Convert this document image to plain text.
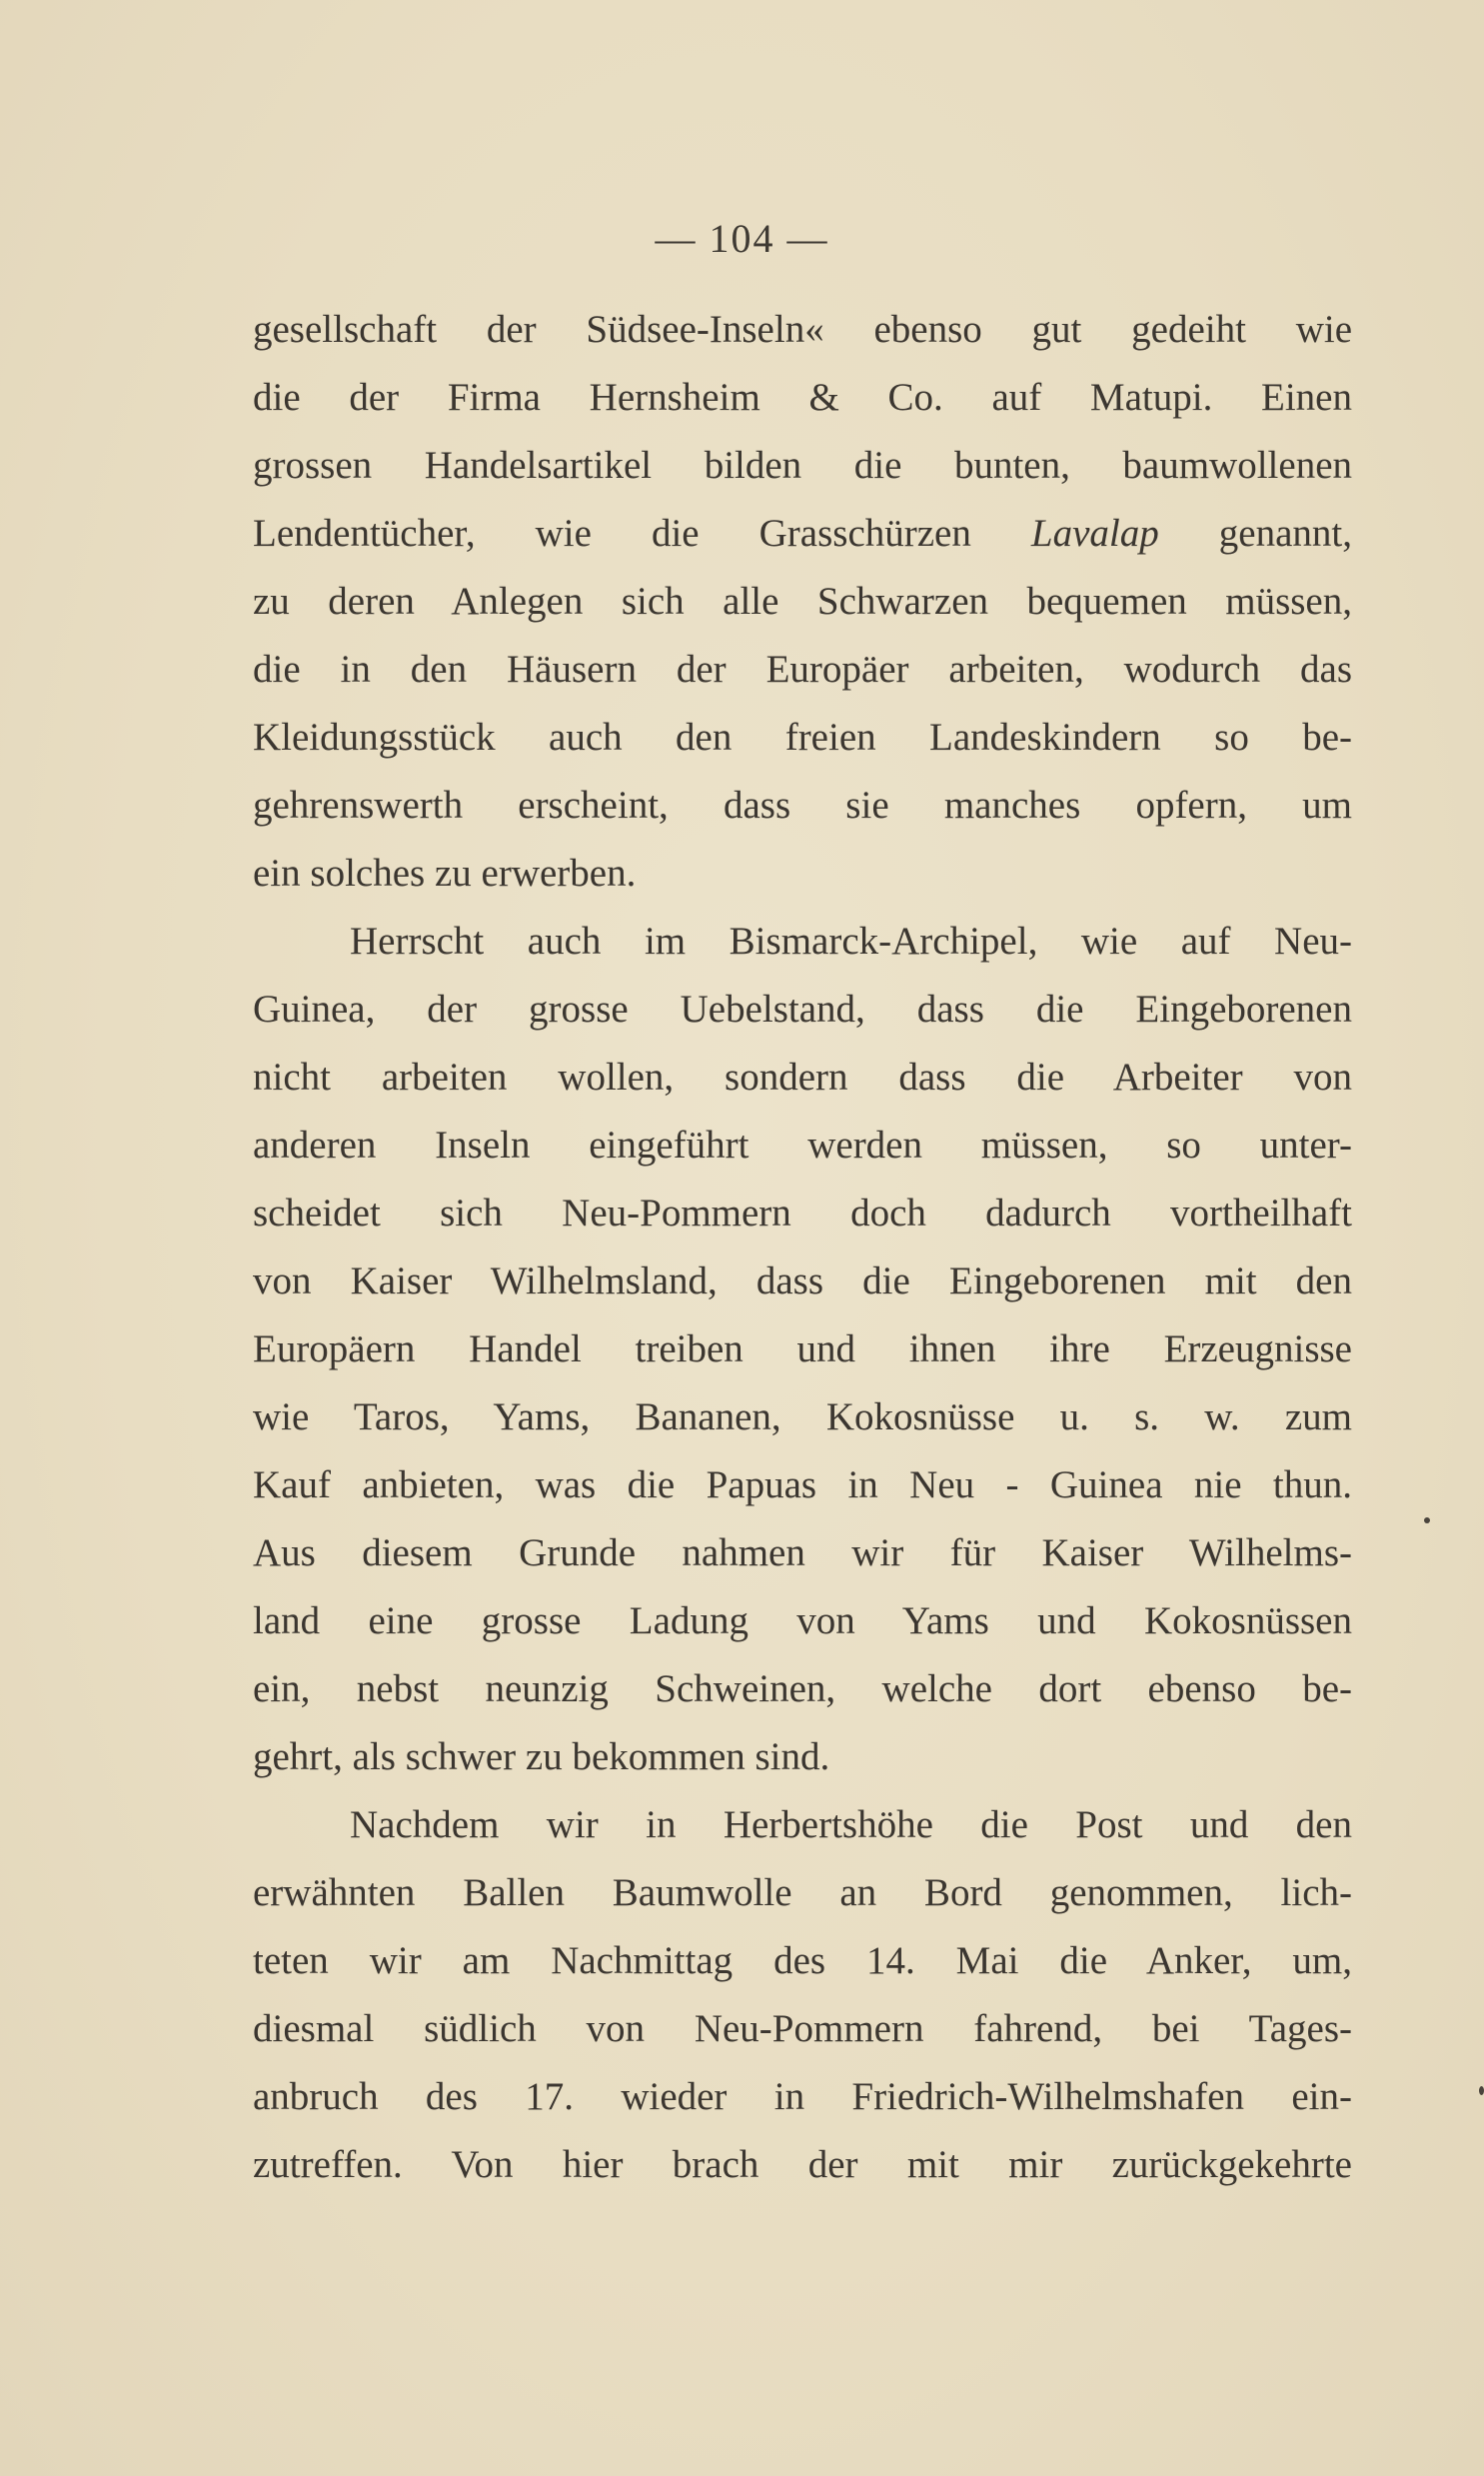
— 104 —
gesellschaft der Südsee-Inseln« ebenso gut gedeiht wie
die der Firma Hernsheim & Co. auf Matupi. Einen
grossen Handelsartikel bilden die bunten, baumwollenen
Lendentücher, wie die Grasschürzen Lavalap genannt,
zu deren Anlegen sich alle Schwarzen bequemen müssen,
die in den Häusern der Europäer arbeiten, wodurch das
Kleidungsstück auch den freien Landeskindern so be-
gehrenswerth erscheint, dass sie manches opfern, um
ein solches zu erwerben.
Herrscht auch im Bismarck-Archipel, wie auf Neu-
Guinea, der grosse Uebelstand, dass die Eingeborenen
nicht arbeiten wollen, sondern dass die Arbeiter von
anderen Inseln eingeführt werden müssen, so unter-
scheidet sich Neu-Pommern doch dadurch vortheilhaft
von Kaiser Wilhelmsland, dass die Eingeborenen mit den
Europäern Handel treiben und ihnen ihre Erzeugnisse
wie Taros, Yams, Bananen, Kokosnüsse u. s. w. zum
Kauf anbieten, was die Papuas in Neu - Guinea nie thun.
Aus diesem Grunde nahmen wir für Kaiser Wilhelms-
land eine grosse Ladung von Yams und Kokosnüssen
ein, nebst neunzig Schweinen, welche dort ebenso be-
gehrt, als schwer zu bekommen sind.
Nachdem wir in Herbertshöhe die Post und den
erwähnten Ballen Baumwolle an Bord genommen, lich-
teten wir am Nachmittag des 14. Mai die Anker, um,
diesmal südlich von Neu-Pommern fahrend, bei Tages-
anbruch des 17. wieder in Friedrich-Wilhelmshafen ein-
zutreffen. Von hier brach der mit mir zurückgekehrte
